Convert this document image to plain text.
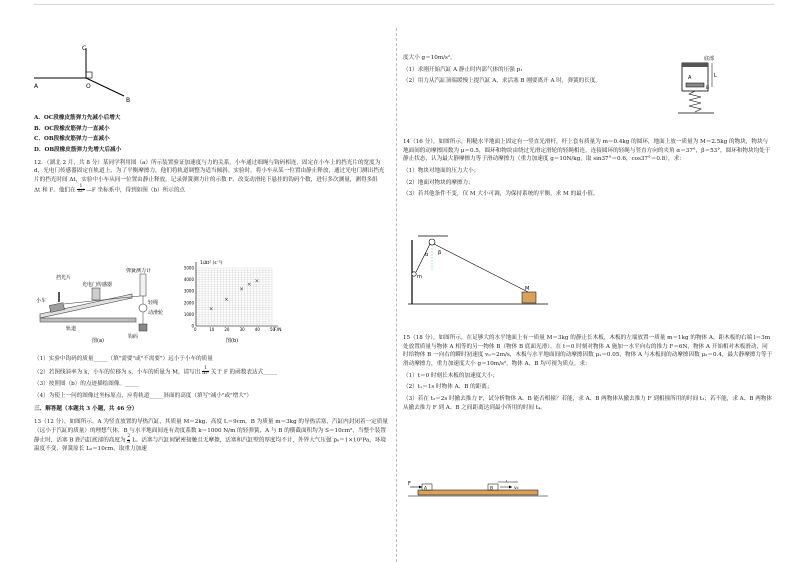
C
A	O
B

A．OC段橡皮筋弹力先减小后增大

B．OC段橡皮筋弹力一直减小

C．OB段橡皮筋弹力一直减小

D．OB段橡皮筋弹力先增大后减小

12．（湖北 2 月，共 8 分）某同学利用图（a）所示装置验证加速度与力的关系，小车通过细绳与钩码相连，固定在小车上的挡光片的宽度为 d，光电门传感器固定在轨道上，为了平衡摩擦力，他们将轨道调整为适当倾斜。实验时，将小车从某一位置由静止释放，通过光电门测出挡光片的挡光时间 Δt，实验中小车从同一位置由静止释放，记录弹簧测力计的示数 F，改变动滑轮下悬挂的钩码个数，进行多次测量，测得多组 Δt 和 F。他们在 $\frac{1}{\text{Δt²}}$ —F 坐标系中，得到如图（b）所示的点

挡光片
光电门传感器
弹簧测力计
小车
轨道
轻绳
动滑轮
钩码
图(a)
0	10	20	30	40	50
0
1000
2000
3000
4000
5000
1/Δt² (s⁻²)
F/N
图(b)

（1）实验中钩码的质量_____（填"需要"或"不需要"）远小于小车的质量

（2）若图线斜率为 k，小车的位移为 s，小车的质量为 M，请写出 $\frac{1}{\text{Δt²}}$ 关于 F 的函数表达式_____

（3）按照图（b）的点迹描绘图像。_____

（4）为使上一问的图像过坐标原点，应将轨道_____斜面的高度（填写"减小"或"增大"）

三、解答题（本题共 3 小题，共 46 分）

13（12 分），如图所示，A 为竖直放置的导热汽缸，其质量 M＝2kg、高度 L＝9cm，B 为质量 m＝3kg 的导热活塞，汽缸内封闭着一定质量（远小于汽缸的质量）的理想气体，B 与水平地面间连有劲度系数 k＝1000 N/m 的轻弹簧，A 与 B 的横截面积均为 S＝10cm²，当整个装置静止时，活塞 B 距汽缸底部的高度为 $\frac{2}{3}$ L。活塞与汽缸间紧密接触且无摩擦，活塞和汽缸壁的厚度均不计，外界大气压强 p₀＝1×10⁵Pa，环境温度不变，弹簧原长 L₀＝10cm，取重力加速

度大小 g＝10m/s²。

（1）求刚开始汽缸 A 静止时内部气体的压强 p₁

（2）用力从汽缸顶端缓慢上提汽缸 A，求活塞 B 刚要离开 A 时，弹簧的长度。

底部
A
B
L

14（16 分），如图所示，粗糙水平地面上固定有一竖直光滑杆，杆上套有质量为 m＝0.4kg 的圆环，地面上放一质量为 M＝2.5kg 的物块，物块与地面间的动摩擦因数为 μ＝0.5，圆环和物块由绕过光滑定滑轮的轻绳相连，连接圆环的轻绳与竖直方向的夹角 α＝37°，β＝53°，圆环和物块均处于静止状态，认为最大静摩擦力等于滑动摩擦力（重力加速度 g＝10N/kg，取 sin37°＝0.6，cos37°＝0.8），求：

（1）物块对地面的压力大小；

（2）地面对物块的摩擦力；

（3）若其他条件不变，仅 M 大小可调，为保持系统的平衡，求 M 的最小值。

α β
m
M

15（18 分），如图所示，在足够大的水平地面上有一质量 M＝3kg 的静止长木板，木板的左端放置一质量 m＝1kg 的物体 A，距木板的右端 l＝3m 处放置质量与物体 A 相等的另一物体 B（物体 B 底面光滑）。在 t＝0 时刻对物体 A 施加一水平向右的推力 F＝6N，物体 A 开始相对木板滑动，同时给物体 B 一向右的瞬时初速度 v₀＝2m/s，木板与水平地面间的动摩擦因数 μ₁＝0.05，物体 A 与木板间的动摩擦因数 μ₂＝0.4，最大静摩擦力等于滑动摩擦力，重力加速度大小 g＝10m/s²，物体 A、B 均可视为质点。求：

（1）t＝0 时刻长木板的加速度大小；

（2）t₁＝1s 时物体 A、B 的距离；

（3）若在 t₂＝2s 时撤去推力 F，试分析物体 A、B 能否相撞？若能，求 A、B 两物体从撤去推力 F 到相撞所用的时间 t₃；若不能，求 A、B 两物体从撤去推力 F 到 A、B 之间距离达到最小所用的时间 t₄。

F
A	B
l
v₀
